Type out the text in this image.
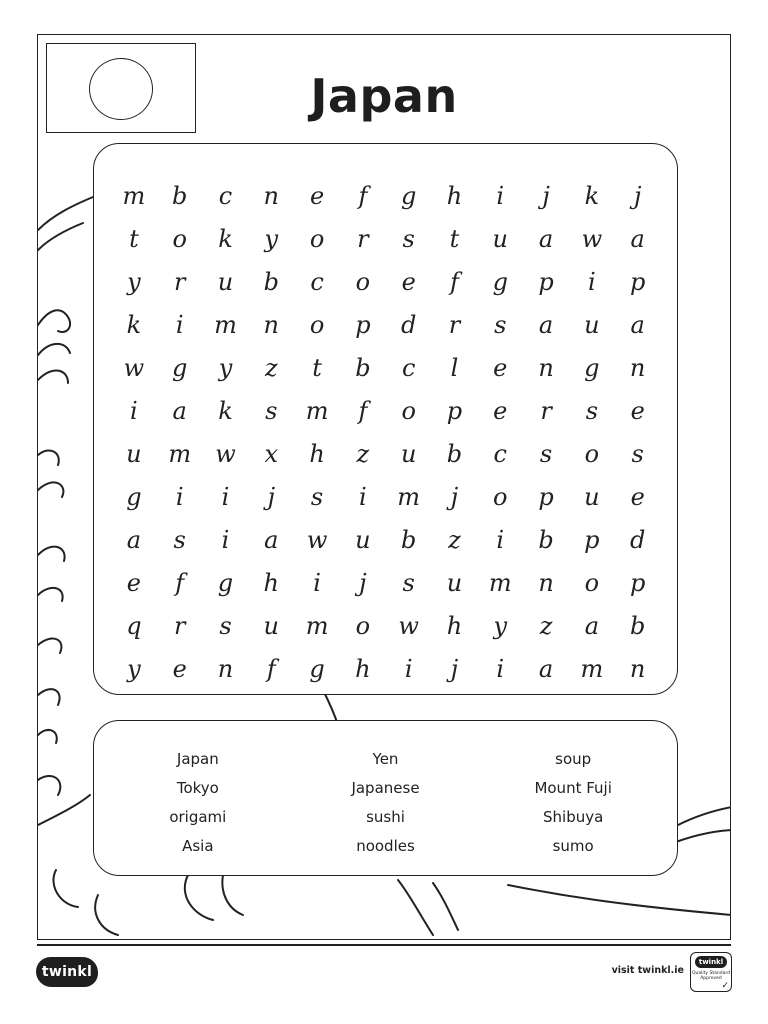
Japan
m	b	c	n	e	f	g	h	i	j	k	j
t	o	k	y	o	r	s	t	u	a	w	a
y	r	u	b	c	o	e	f	g	p	i	p
k	i	m	n	o	p	d	r	s	a	u	a
w	g	y	z	t	b	c	l	e	n	g	n
i	a	k	s	m	f	o	p	e	r	s	e
u	m	w	x	h	z	u	b	c	s	o	s
g	i	i	j	s	i	m	j	o	p	u	e
a	s	i	a	w	u	b	z	i	b	p	d
e	f	g	h	i	j	s	u	m	n	o	p
q	r	s	u	m	o	w	h	y	z	a	b
y	e	n	f	g	h	i	j	i	a	m	n
Japan	Yen	soup
Tokyo	Japanese	Mount Fuji
origami	sushi	Shibuya
Asia	noodles	sumo
twinkl	visit twinkl.ie
twinkl
Quality Standard Approved
✓
